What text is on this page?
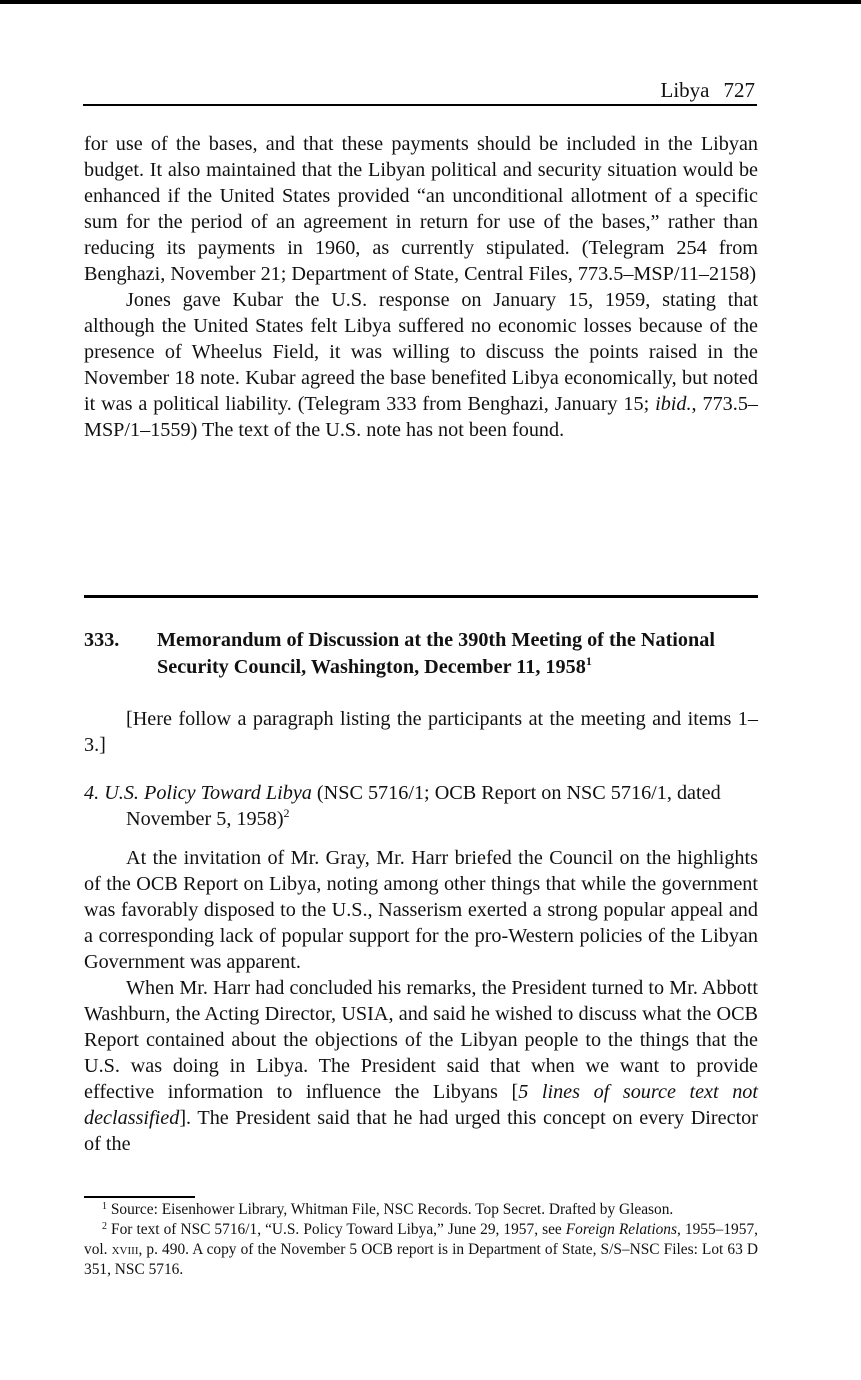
Libya 727

for use of the bases, and that these payments should be included in the Libyan budget. It also maintained that the Libyan political and security situation would be enhanced if the United States provided “an unconditional allotment of a specific sum for the period of an agreement in return for use of the bases,” rather than reducing its payments in 1960, as currently stipulated. (Telegram 254 from Benghazi, November 21; Department of State, Central Files, 773.5–MSP/11–2158)

Jones gave Kubar the U.S. response on January 15, 1959, stating that although the United States felt Libya suffered no economic losses because of the presence of Wheelus Field, it was willing to discuss the points raised in the November 18 note. Kubar agreed the base benefited Libya economically, but noted it was a political liability. (Telegram 333 from Benghazi, January 15; ibid., 773.5–MSP/1–1559) The text of the U.S. note has not been found.

333. Memorandum of Discussion at the 390th Meeting of the National Security Council, Washington, December 11, 1958$^1$

[Here follow a paragraph listing the participants at the meeting and items 1–3.]

4. U.S. Policy Toward Libya (NSC 5716/1; OCB Report on NSC 5716/1, dated November 5, 1958)$^2$

At the invitation of Mr. Gray, Mr. Harr briefed the Council on the highlights of the OCB Report on Libya, noting among other things that while the government was favorably disposed to the U.S., Nasserism exerted a strong popular appeal and a corresponding lack of popular support for the pro-Western policies of the Libyan Government was apparent.

When Mr. Harr had concluded his remarks, the President turned to Mr. Abbott Washburn, the Acting Director, USIA, and said he wished to discuss what the OCB Report contained about the objections of the Libyan people to the things that the U.S. was doing in Libya. The President said that when we want to provide effective information to influence the Libyans [5 lines of source text not declassified]. The President said that he had urged this concept on every Director of the

$^1$ Source: Eisenhower Library, Whitman File, NSC Records. Top Secret. Drafted by Gleason.

$^2$ For text of NSC 5716/1, “U.S. Policy Toward Libya,” June 29, 1957, see Foreign Relations, 1955–1957, vol. xviii, p. 490. A copy of the November 5 OCB report is in Department of State, S/S–NSC Files: Lot 63 D 351, NSC 5716.
